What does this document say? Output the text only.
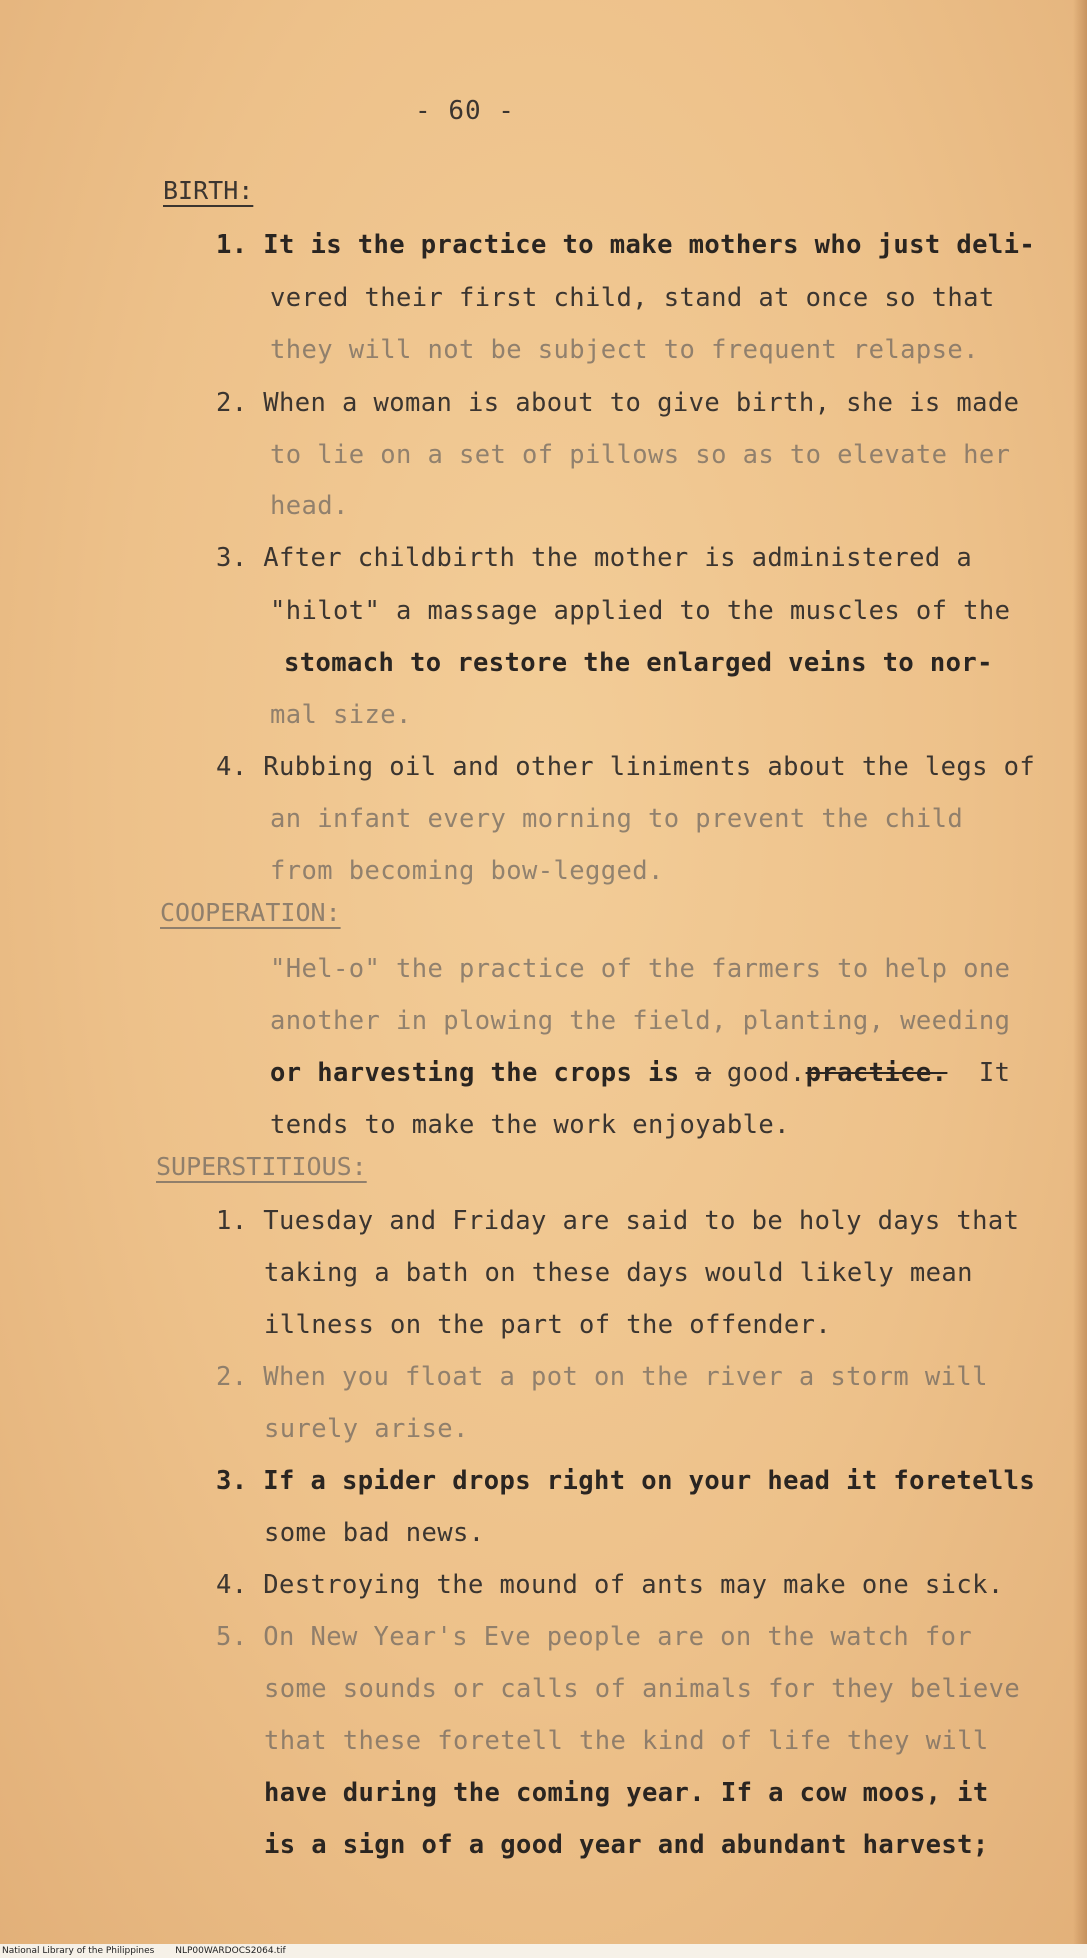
- 60 -
BIRTH:
1. It is the practice to make mothers who just deli-
vered their first child, stand at once so that
they will not be subject to frequent relapse.
2. When a woman is about to give birth, she is made
to lie on a set of pillows so as to elevate her
head.
3. After childbirth the mother is administered a
"hilot" a massage applied to the muscles of the
stomach to restore the enlarged veins to nor-
mal size.
4. Rubbing oil and other liniments about the legs of
an infant every morning to prevent the child
from becoming bow-legged.
COOPERATION:
"Hel-o" the practice of the farmers to help one
another in plowing the field, planting, weeding
or harvesting the crops is a good.practice. It
tends to make the work enjoyable.
SUPERSTITIOUS:
1. Tuesday and Friday are said to be holy days that
taking a bath on these days would likely mean
illness on the part of the offender.
2. When you float a pot on the river a storm will
surely arise.
3. If a spider drops right on your head it foretells
some bad news.
4. Destroying the mound of ants may make one sick.
5. On New Year's Eve people are on the watch for
some sounds or calls of animals for they believe
that these foretell the kind of life they will
have during the coming year. If a cow moos, it
is a sign of a good year and abundant harvest;
National Library of the Philippines NLP00WARDOCS2064.tif
